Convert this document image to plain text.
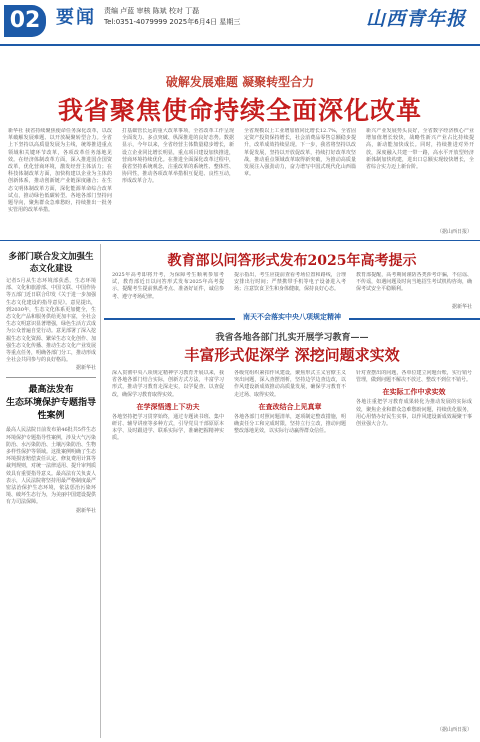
02 要闻 责编 卢蓝 审核 陈斌 校对 丁磊
Tel:0351-4079999 2025年6月4日 星期三	山西青年报
破解发展难题 凝聚转型合力
我省聚焦使命持续全面深化改革

新华社 我省持续聚焦使命任务深化改革，以改革破解发展难题、以开放凝聚转型合力。全省上下坚持以高质量发展为主线，统筹推进重点领域和关键环节改革，各项改革任务落地见效。在经济体制改革方面，深入推进国企国资改革，优化营商环境，激发经营主体活力；在科技体制改革方面，加快构建以企业为主体的创新体系，推动创新链产业链深度融合；在生态文明体制改革方面，深化能源革命综合改革试点，推动绿色低碳转型。各地各部门坚持问题导向，聚焦群众急难愁盼，持续推出一批务实管用的改革举措。

打基础管长远的重大改革事项，全省改革工作呈现全面发力、多点突破、纵深推进的良好态势。数据显示，今年以来，全省经营主体数量稳步增长，新设立企业同比增长明显，重点项目建设加快推进，营商环境持续优化。在推进全面深化改革过程中，我省坚持系统观念，注重改革的系统性、整体性、协同性，推动各项改革举措相互促进、良性互动，形成改革合力。

全省规模以上工业增加值同比增长12.7%，全省固定资产投资保持增长，社会消费品零售总额稳步提升，改革成效持续显现。下一步，我省将坚持以改革促发展，坚持以开放促改革，持续打好改革攻坚战，推动重点领域改革取得新突破，为推动高质量发展注入强劲动力，奋力谱写中国式现代化山西篇章。

新兴产业发展势头良好，全省数字经济核心产业增加值增长较快，战略性新兴产业占比持续提高，新动能加快成长。同时，持续推进对外开放，深度融入共建一带一路，高水平开放型经济新体制加快构建，进出口总额实现较快增长，全省综合实力迈上新台阶。

（据山西日报）
多部门联合发文加强生态文化建设

记者5月从生态环境部获悉，生态环境部、文化和旅游部、中国文联、中国作协等五部门近日联合印发《关于进一步加强生态文化建设的指导意见》。意见提出，到2030年，生态文化体系更加健全，生态文化产品和服务供给更加丰富，全社会生态文明意识显著增强，绿色生活方式成为公众普遍自觉行动。意见部署了深入挖掘生态文化资源、繁荣生态文化创作、加强生态文化传播、推动生态文化产业发展等重点任务，明确各部门分工，推动形成全社会共同参与的良好格局。

据新华社
最高法发布
生态环境保护专题指导性案例

最高人民法院日前发布第46批共5件生态环境保护专题指导性案例，涉及大气污染防治、水污染防治、土壤污染防治、生物多样性保护等领域。这批案例明确了生态环境损害赔偿责任认定、修复费用计算等裁判规则，对统一法律适用、提升审判质效具有重要指导意义。最高法有关负责人表示，人民法院将坚持用最严格制度最严密法治保护生态环境，依法惩治污染环境、破坏生态行为，为美丽中国建设提供有力司法保障。

据新华社
教育部以问答形式发布2025年高考提示

2025年高考即将开考，为保障考生顺利参加考试，教育部近日以问答形式发布2025年高考提示，提醒考生提前熟悉考点、准备好证件，诚信参考、遵守考场纪律。

提示指出，考生应提前查看考场位置和路线，合理安排出行时间；严禁携带手机等电子设备进入考场；注意饮食卫生和身体健康，保持良好心态。

教育部提醒，高考期间谨防各类涉考诈骗，不信谣、不传谣，如遇问题及时向当地招生考试机构咨询，确保考试安全平稳顺利。

据新华社
南天不会落实中央八项规定精神
我省各地各部门扎实开展学习教育——
丰富形式促深学 深挖问题求实效

深入贯彻中央八项规定精神学习教育开展以来，我省各地各部门结合实际，创新方式方法，丰富学习形式，推动学习教育走深走实，以学促查、以查促改，确保学习教育取得实效。

在学深悟透上下功夫

各地坚持把学习贯穿始终，通过专题读书班、集中研讨、辅导讲座等多种方式，引导党员干部原原本本学、及时跟进学、联系实际学，准确把握精神实质。

各级党组织紧扣作风建设，聚焦形式主义官僚主义突出问题，深入查摆剖析，坚持边学边查边改，以作风建设新成效推动高质量发展，确保学习教育不走过场、取得实效。

在查改结合上见真章

各地各部门对照问题清单，逐项制定整改措施，明确责任分工和完成时限，坚持立行立改，推动问题整改落地见效，以实际行动赢得群众信任。

针对查摆出的问题，各单位建立问题台账，实行销号管理，做到问题不解决不放过、整改不到位不销号。

在实际工作中求实效

各地注重把学习教育成果转化为推动发展的实际成效，聚焦企业和群众急难愁盼问题，持续优化服务，用心用情办好民生实事，以作风建设新成效凝聚干事创业强大合力。

（据山西日报）
